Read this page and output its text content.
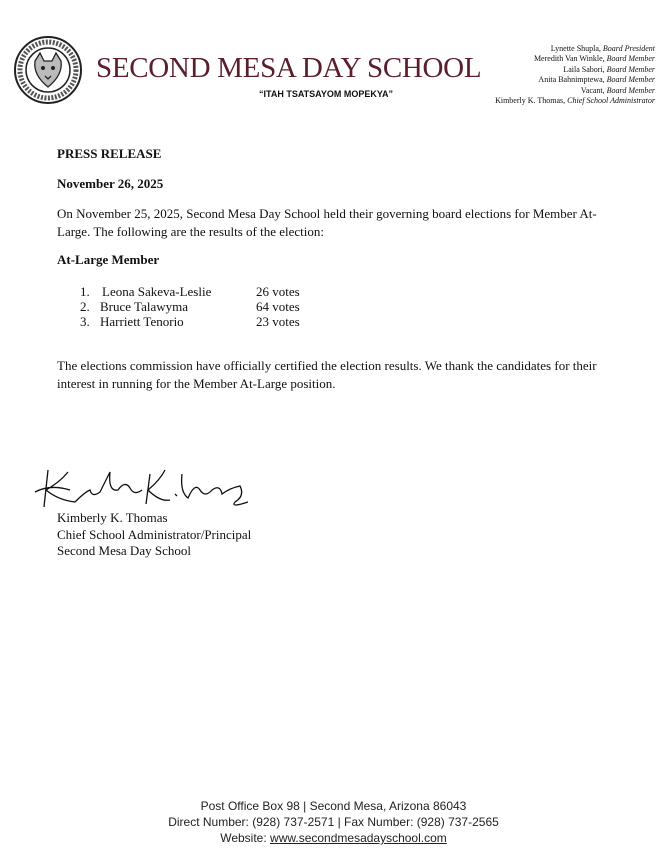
SECOND MESA DAY SCHOOL
“ITAH TSATSAYOM MOPEKYA”
Lynette Shupla, Board President
Meredith Van Winkle, Board Member
Laila Sabori, Board Member
Anita Bahnimptewa, Board Member
Vacant, Board Member
Kimberly K. Thomas, Chief School Administrator
PRESS RELEASE
November 26, 2025
On November 25, 2025, Second Mesa Day School held their governing board elections for Member At-Large. The following are the results of the election:
At-Large Member
1. Leona Sakeva-Leslie	26 votes
2. Bruce Talawyma	64 votes
3. Harriett Tenorio	23 votes
The elections commission have officially certified the election results. We thank the candidates for their interest in running for the Member At-Large position.
Kimberly K. Thomas
Chief School Administrator/Principal
Second Mesa Day School
Post Office Box 98 | Second Mesa, Arizona 86043
Direct Number: (928) 737-2571 | Fax Number: (928) 737-2565
Website: www.secondmesadayschool.com
